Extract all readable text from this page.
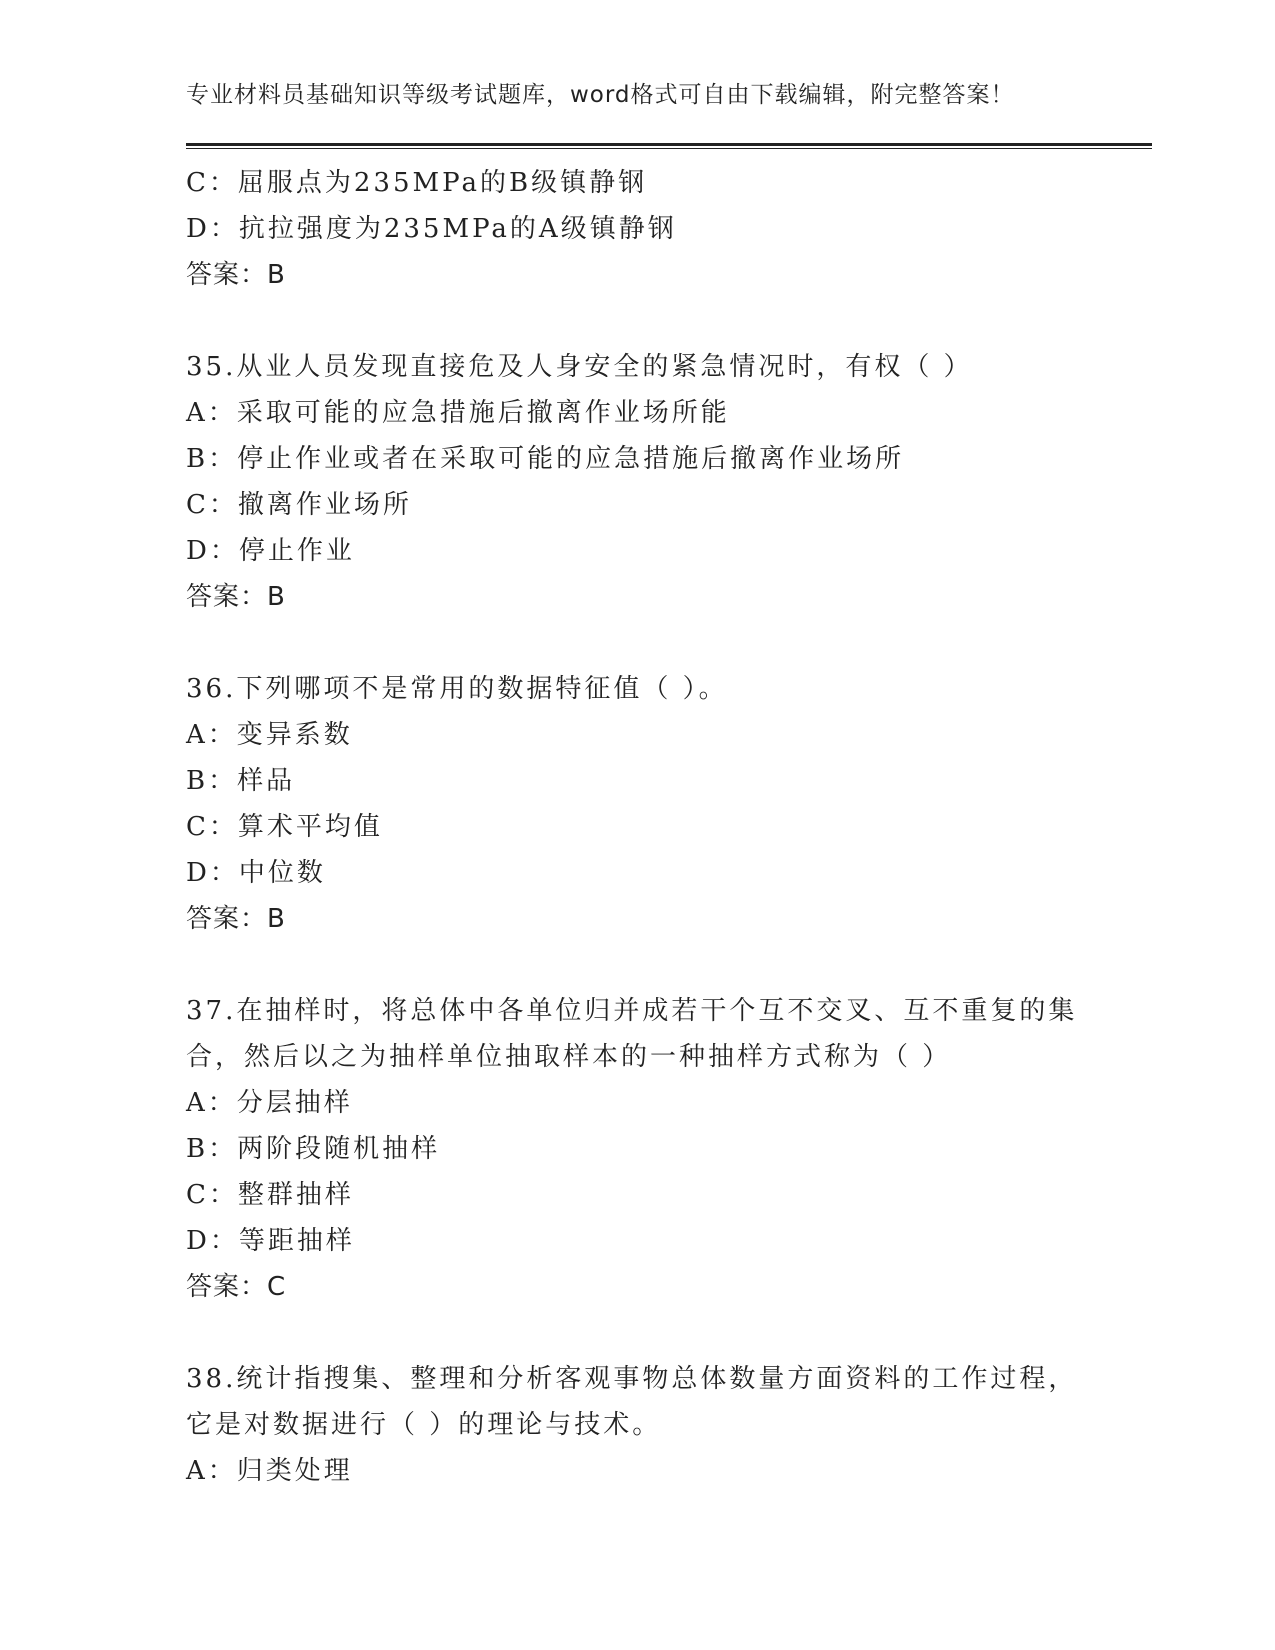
专业材料员基础知识等级考试题库，word格式可自由下载编辑，附完整答案！
C：屈服点为235MPa的B级镇静钢
D：抗拉强度为235MPa的A级镇静钢
答案：B
35.从业人员发现直接危及人身安全的紧急情况时，有权（ ）
A：采取可能的应急措施后撤离作业场所能
B：停止作业或者在采取可能的应急措施后撤离作业场所
C：撤离作业场所
D：停止作业
答案：B
36.下列哪项不是常用的数据特征值（ ）。
A：变异系数
B：样品
C：算术平均值
D：中位数
答案：B
37.在抽样时，将总体中各单位归并成若干个互不交叉、互不重复的集
合，然后以之为抽样单位抽取样本的一种抽样方式称为（ ）
A：分层抽样
B：两阶段随机抽样
C：整群抽样
D：等距抽样
答案：C
38.统计指搜集、整理和分析客观事物总体数量方面资料的工作过程，
它是对数据进行（ ）的理论与技术。
A：归类处理
